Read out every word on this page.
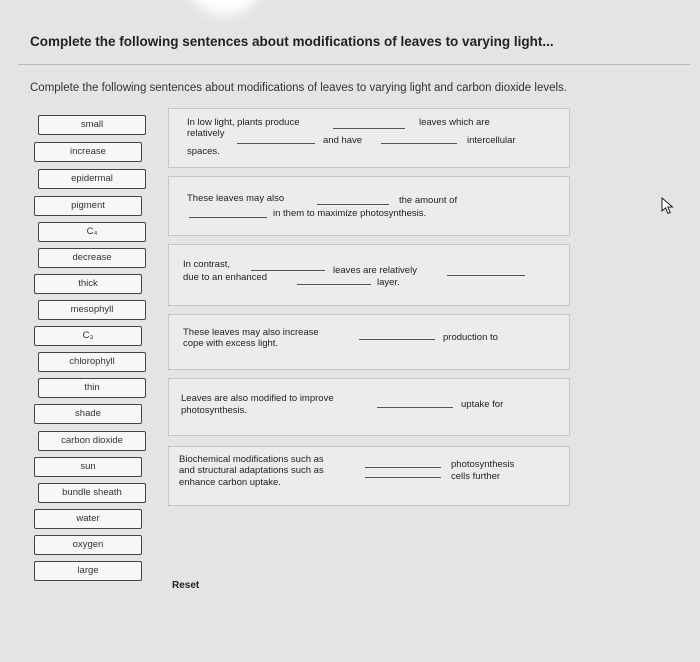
Complete the following sentences about modifications of leaves to varying light...
Complete the following sentences about modifications of leaves to varying light and carbon dioxide levels.
small
increase
epidermal
pigment
C₄
decrease
thick
mesophyll
C₃
chlorophyll
thin
shade
carbon dioxide
sun
bundle sheath
water
oxygen
large
In low light, plants produce	leaves which are
relatively
and have	intercellular
spaces.
These leaves may also	the amount of
in them to maximize photosynthesis.
In contrast,
leaves are relatively
due to an enhanced	layer.
These leaves may also increase	production to
cope with excess light.
Leaves are also modified to improve
uptake for
photosynthesis.
Biochemical modifications such as	photosynthesis
and structural adaptations such as
cells further
enhance carbon uptake.
Reset
